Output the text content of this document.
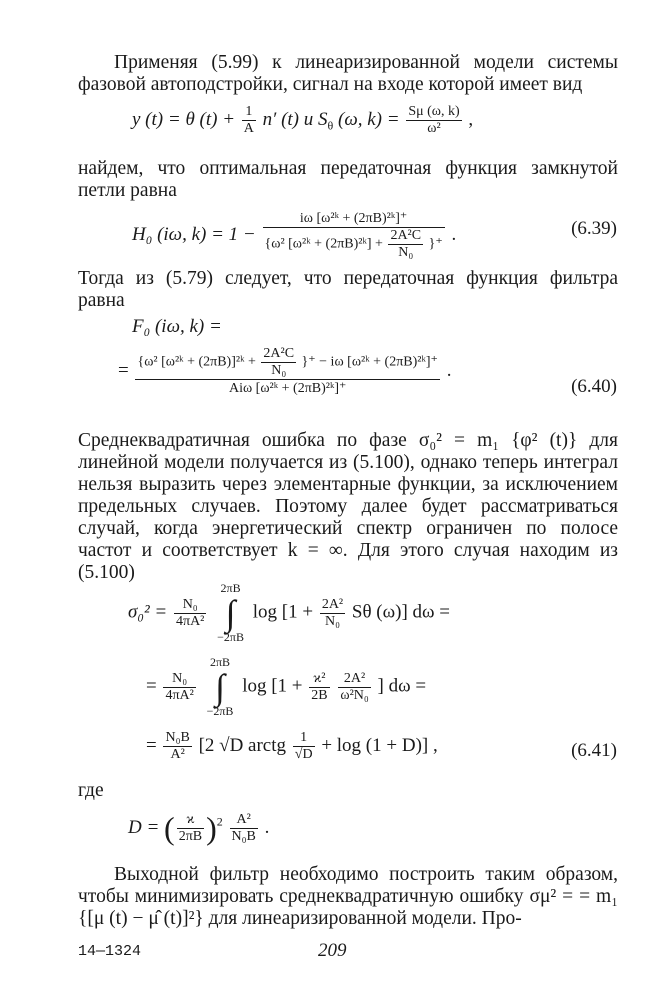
Применяя (5.99) к линеаризированной модели системы фазовой автоподстройки, сигнал на входе которой имеет вид
y (t) = θ $(t) + \frac{1}{A} n'$ (t) и $S_\theta$ (ω, $k) = \frac{S\mu (\omega, k)}{\text{ω²}}$ ,
найдем, что оптимальная передаточная функция замкнутой петли равна
H₀ (iω, $k) = 1 - \frac{\text{iω [ω²ᵏ + (2πB)²ᵏ]⁺}}{\{\omega^2 [\omega^2ᵏ + (2\pi B)^2ᵏ] + \frac{\text{2A²C}}{\text{N₀}} \}^+}$ .	(6.39)
Тогда из (5.79) следует, что передаточная функция фильтра равна
F₀ (iω, k) =
= $\frac{\{\omega^2 [\omega^2ᵏ + (2\pi B)]^2ᵏ + \frac{\text{2A²C}}{\text{N₀}} \}^+ - i\omega [\omega^2ᵏ + (2\pi B)^2ᵏ]^+}{\text{Aiω [ω²ᵏ + (2πB)²ᵏ]⁺}}$ .
(6.40)
Среднеквадратичная ошибка по фазе σ₀² = m₁ {φ² (t)} для линейной модели получается из (5.100), однако теперь интеграл нельзя выразить через элементарные функции, за исключением предельных случаев. Поэтому далее будет рассматриваться случай, когда энергетический спектр ограничен по полосе частот и соответствует k = ∞. Для этого случая находим из (5.100)
$\sigma_0^2 = \frac{\text{N₀}}{\text{4πA²}}$
2πB
∫
−2πB $\log [1 + \frac{\text{2A²}}{\text{N₀}}$ Sθ (ω)] dω =
= $\frac{\text{N₀}}{\text{4πA²}}$
2πB
∫
−2πB $\log [1 + \frac{\text{ϰ²}}{2B}$
$\frac{\text{2A²}}{\text{ω²N₀}}$ ] dω =
= $\frac{\text{N₀B}}{\text{A²}} [2$ √D arctg $\frac{1}{√D} + \log (1 + D)$] ,	(6.41)
где
D = ( $\frac{ϰ}{2\pi B} )^2 \frac{\text{A²}}{\text{N₀B}}$ .
Выходной фильтр необходимо построить таким образом, чтобы минимизировать среднеквадратичную ошибку σμ² = = m₁ {[μ (t) − μ̂ (t)]²} для линеаризированной модели. Про-
14—1324	209
